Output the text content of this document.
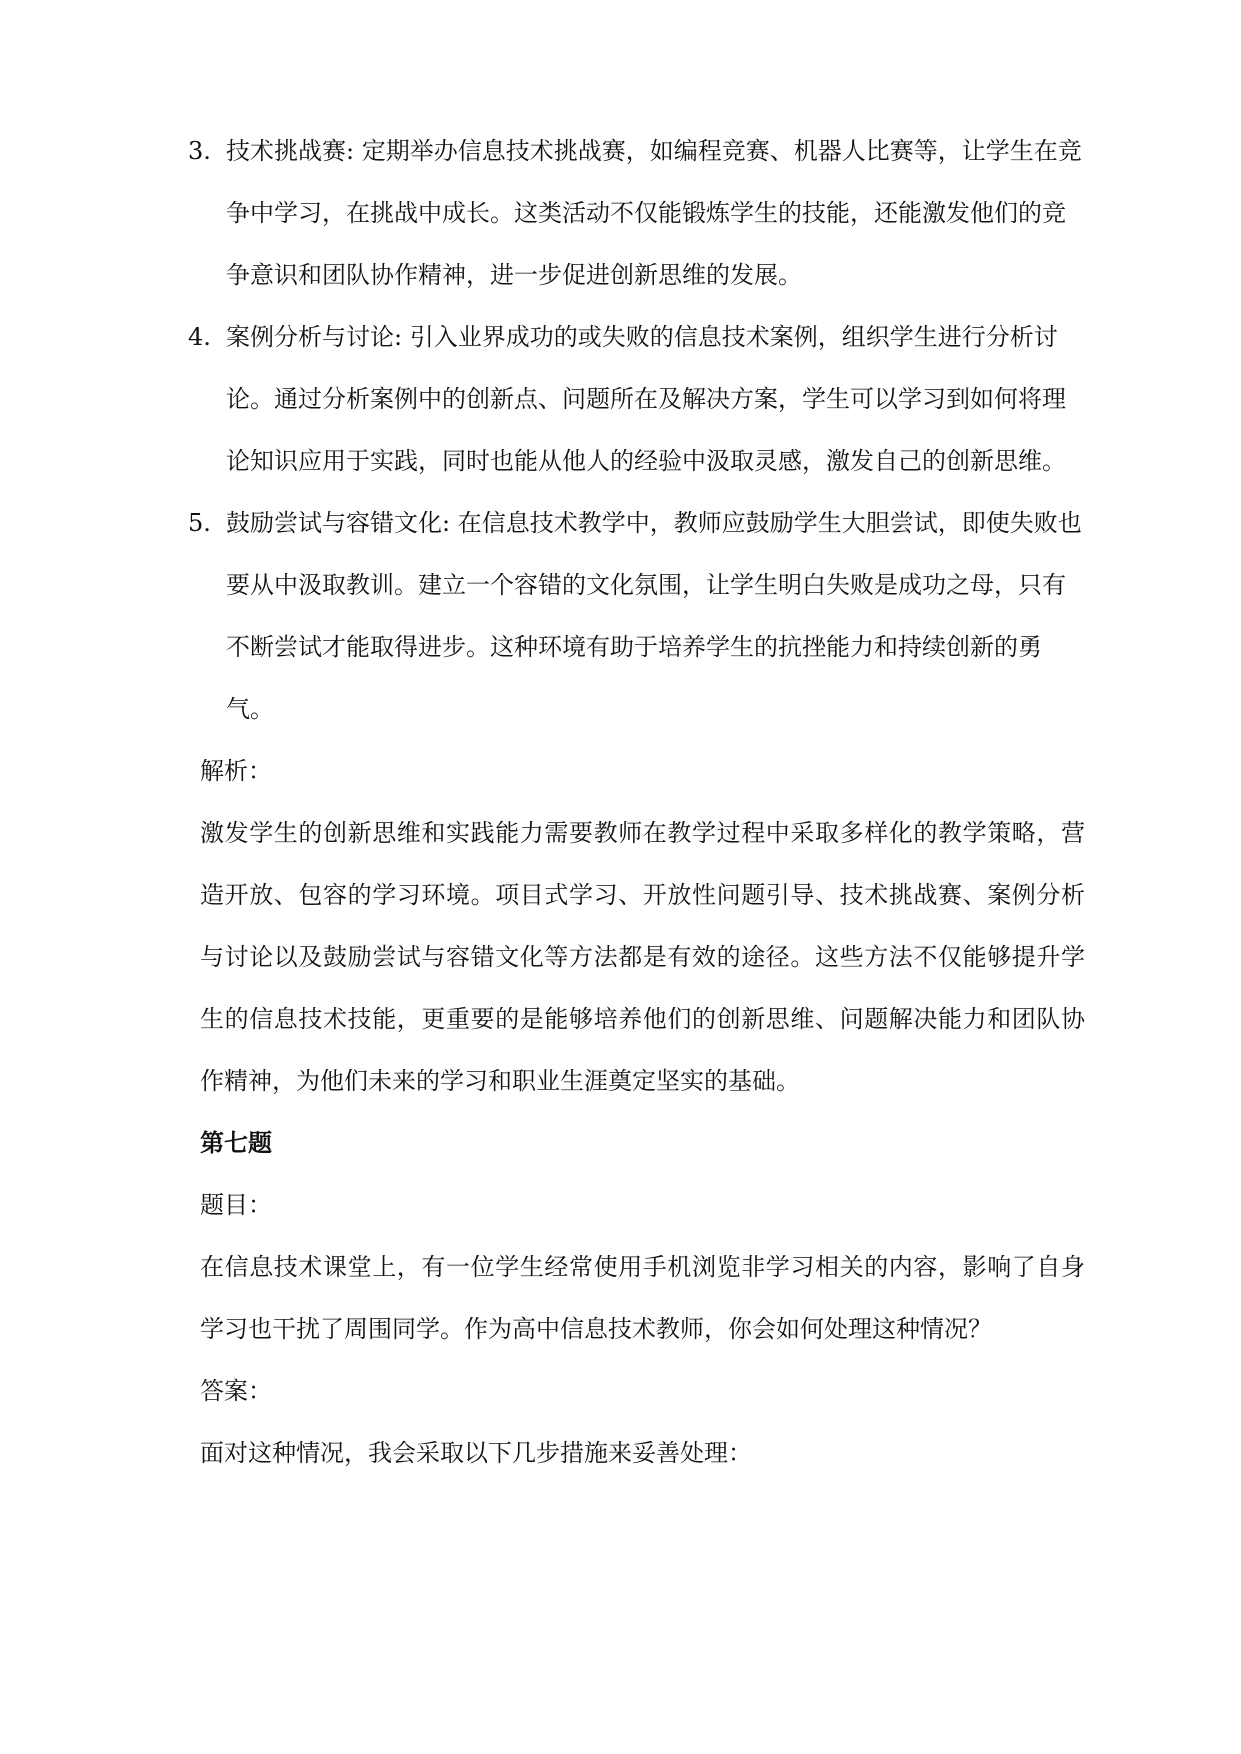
3. 技术挑战赛: 定期举办信息技术挑战赛，如编程竞赛、机器人比赛等，让学生在竞争中学习，在挑战中成长。这类活动不仅能锻炼学生的技能，还能激发他们的竞争意识和团队协作精神，进一步促进创新思维的发展。
4. 案例分析与讨论: 引入业界成功的或失败的信息技术案例，组织学生进行分析讨论。通过分析案例中的创新点、问题所在及解决方案，学生可以学习到如何将理论知识应用于实践，同时也能从他人的经验中汲取灵感，激发自己的创新思维。
5. 鼓励尝试与容错文化: 在信息技术教学中，教师应鼓励学生大胆尝试，即使失败也要从中汲取教训。建立一个容错的文化氛围，让学生明白失败是成功之母，只有不断尝试才能取得进步。这种环境有助于培养学生的抗挫能力和持续创新的勇气。
解析：
激发学生的创新思维和实践能力需要教师在教学过程中采取多样化的教学策略，营造开放、包容的学习环境。项目式学习、开放性问题引导、技术挑战赛、案例分析与讨论以及鼓励尝试与容错文化等方法都是有效的途径。这些方法不仅能够提升学生的信息技术技能，更重要的是能够培养他们的创新思维、问题解决能力和团队协作精神，为他们未来的学习和职业生涯奠定坚实的基础。
第七题
题目：
在信息技术课堂上，有一位学生经常使用手机浏览非学习相关的内容，影响了自身学习也干扰了周围同学。作为高中信息技术教师，你会如何处理这种情况？
答案：
面对这种情况，我会采取以下几步措施来妥善处理：
